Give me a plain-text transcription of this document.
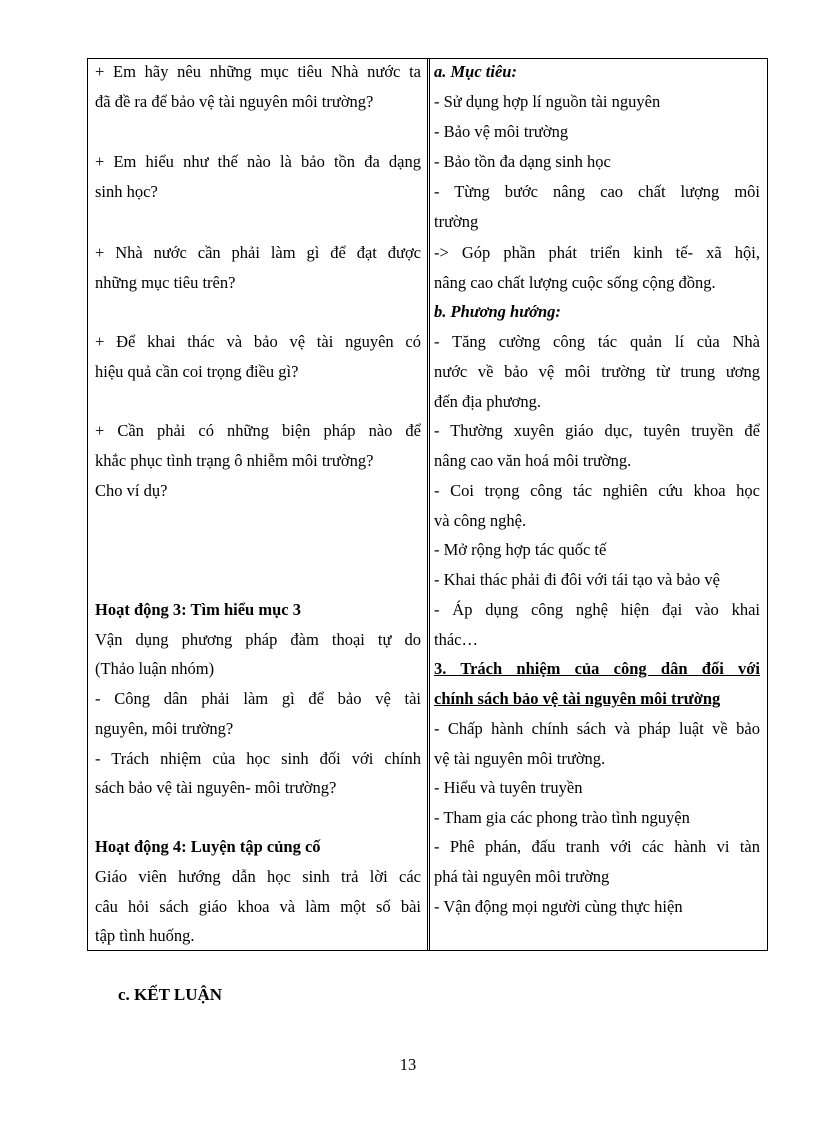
+ Em hãy nêu những mục tiêu Nhà nước ta
đã đề ra để bảo vệ tài nguyên môi trường?
+ Em hiểu như thế nào là bảo tồn đa dạng
sinh học?
+ Nhà nước cần phải làm gì để đạt được
những mục tiêu trên?
+ Để khai thác và bảo vệ tài nguyên có
hiệu quả cần coi trọng điều gì?
+ Cần phải có những biện pháp nào để
khắc phục tình trạng ô nhiễm môi trường?
Cho ví dụ?
Hoạt động 3: Tìm hiểu mục 3
Vận dụng phương pháp đàm thoại tự do
(Thảo luận nhóm)
- Công dân phải làm gì để bảo vệ tài
nguyên, môi trường?
- Trách nhiệm của học sinh đối với chính
sách bảo vệ tài nguyên- môi trường?
Hoạt động 4: Luyện tập củng cố
Giáo viên hướng dẫn học sinh trả lời các
câu hỏi sách giáo khoa và làm một số bài
tập tình huống.
a. Mục tiêu:
- Sử dụng hợp lí nguồn tài nguyên
- Bảo vệ môi trường
- Bảo tồn đa dạng sinh học
- Từng bước nâng cao chất lượng môi
trường
-> Góp phần phát triển kinh tế- xã hội,
nâng cao chất lượng cuộc sống cộng đồng.
b. Phương hướng:
- Tăng cường công tác quản lí của Nhà
nước về bảo vệ môi trường từ trung ương
đến địa phương.
- Thường xuyên giáo dục, tuyên truyền để
nâng cao văn hoá môi trường.
- Coi trọng công tác nghiên cứu khoa học
và công nghệ.
- Mở rộng hợp tác quốc tế
- Khai thác phải đi đôi với tái tạo và bảo vệ
- Áp dụng công nghệ hiện đại vào khai
thác…
3. Trách nhiệm của công dân đối với
chính sách bảo vệ tài nguyên môi trường
- Chấp hành chính sách và pháp luật về bảo
vệ tài nguyên môi trường.
- Hiểu và tuyên truyền
- Tham gia các phong trào tình nguyện
- Phê phán, đấu tranh với các hành vi tàn
phá tài nguyên môi trường
- Vận động mọi người cùng thực hiện
c. KẾT LUẬN
13
